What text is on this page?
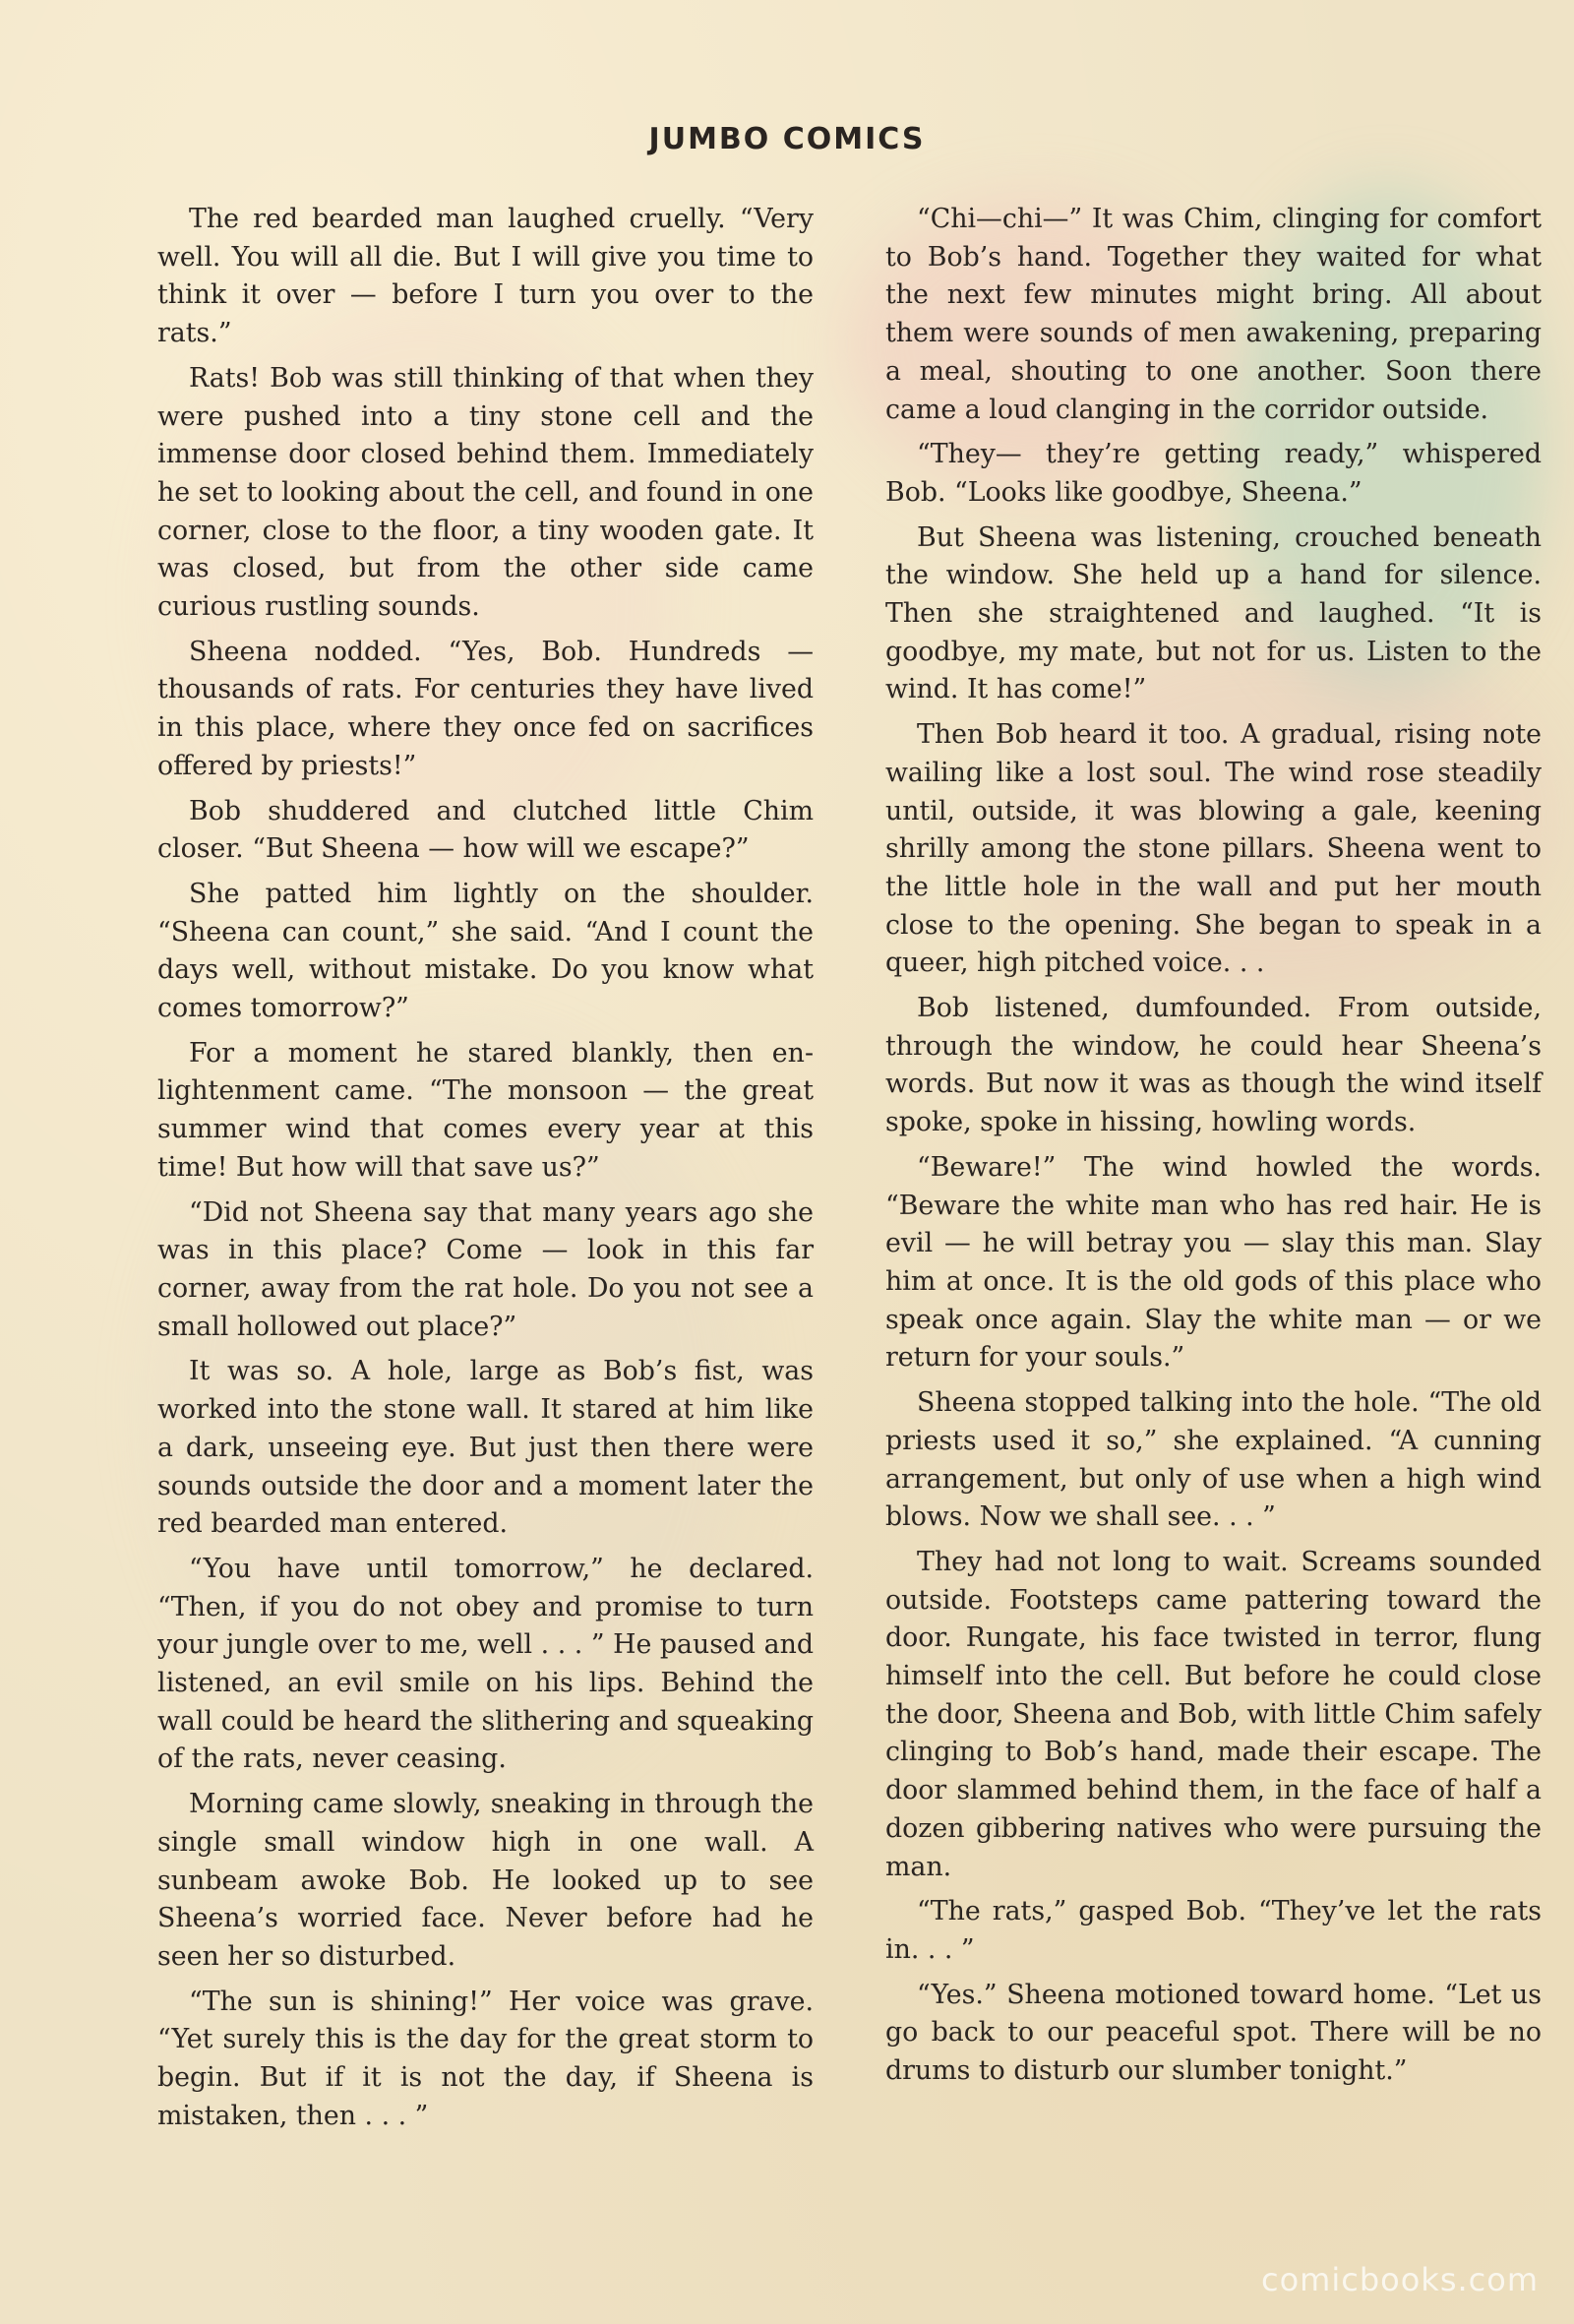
JUMBO COMICS

The red bearded man laughed cruelly. “Very well. You will all die. But I will give you time to think it over — before I turn you over to the rats.”

Rats! Bob was still thinking of that when they were pushed into a tiny stone cell and the immense door closed behind them. Immediately he set to looking about the cell, and found in one corner, close to the floor, a tiny wooden gate. It was closed, but from the other side came curious rustling sounds.

Sheena nodded. “Yes, Bob. Hundreds — thousands of rats. For centuries they have lived in this place, where they once fed on sacrifices offered by priests!”

Bob shuddered and clutched little Chim closer. “But Sheena — how will we escape?”

She patted him lightly on the shoulder. “Sheena can count,” she said. “And I count the days well, without mistake. Do you know what comes tomorrow?”

For a moment he stared blankly, then enlightenment came. “The monsoon — the great summer wind that comes every year at this time! But how will that save us?”

“Did not Sheena say that many years ago she was in this place? Come — look in this far corner, away from the rat hole. Do you not see a small hollowed out place?”

It was so. A hole, large as Bob’s fist, was worked into the stone wall. It stared at him like a dark, unseeing eye. But just then there were sounds outside the door and a moment later the red bearded man entered.

“You have until tomorrow,” he declared. “Then, if you do not obey and promise to turn your jungle over to me, well . . . ” He paused and listened, an evil smile on his lips. Behind the wall could be heard the slithering and squeaking of the rats, never ceasing.

Morning came slowly, sneaking in through the single small window high in one wall. A sunbeam awoke Bob. He looked up to see Sheena’s worried face. Never before had he seen her so disturbed.

“The sun is shining!” Her voice was grave. “Yet surely this is the day for the great storm to begin. But if it is not the day, if Sheena is mistaken, then . . . ”

“Chi—chi—” It was Chim, clinging for comfort to Bob’s hand. Together they waited for what the next few minutes might bring. All about them were sounds of men awakening, preparing a meal, shouting to one another. Soon there came a loud clanging in the corridor outside.

“They— they’re getting ready,” whispered Bob. “Looks like goodbye, Sheena.”

But Sheena was listening, crouched beneath the window. She held up a hand for silence. Then she straightened and laughed. “It is goodbye, my mate, but not for us. Listen to the wind. It has come!”

Then Bob heard it too. A gradual, rising note wailing like a lost soul. The wind rose steadily until, outside, it was blowing a gale, keening shrilly among the stone pillars. Sheena went to the little hole in the wall and put her mouth close to the opening. She began to speak in a queer, high pitched voice. . .

Bob listened, dumfounded. From outside, through the window, he could hear Sheena’s words. But now it was as though the wind itself spoke, spoke in hissing, howling words.

“Beware!” The wind howled the words. “Beware the white man who has red hair. He is evil — he will betray you — slay this man. Slay him at once. It is the old gods of this place who speak once again. Slay the white man — or we return for your souls.”

Sheena stopped talking into the hole. “The old priests used it so,” she explained. “A cunning arrangement, but only of use when a high wind blows. Now we shall see. . . ”

They had not long to wait. Screams sounded outside. Footsteps came pattering toward the door. Rungate, his face twisted in terror, flung himself into the cell. But before he could close the door, Sheena and Bob, with little Chim safely clinging to Bob’s hand, made their escape. The door slammed behind them, in the face of half a dozen gibbering natives who were pursuing the man.

“The rats,” gasped Bob. “They’ve let the rats in. . . ”

“Yes.” Sheena motioned toward home. “Let us go back to our peaceful spot. There will be no drums to disturb our slumber tonight.”

comicbooks.com
